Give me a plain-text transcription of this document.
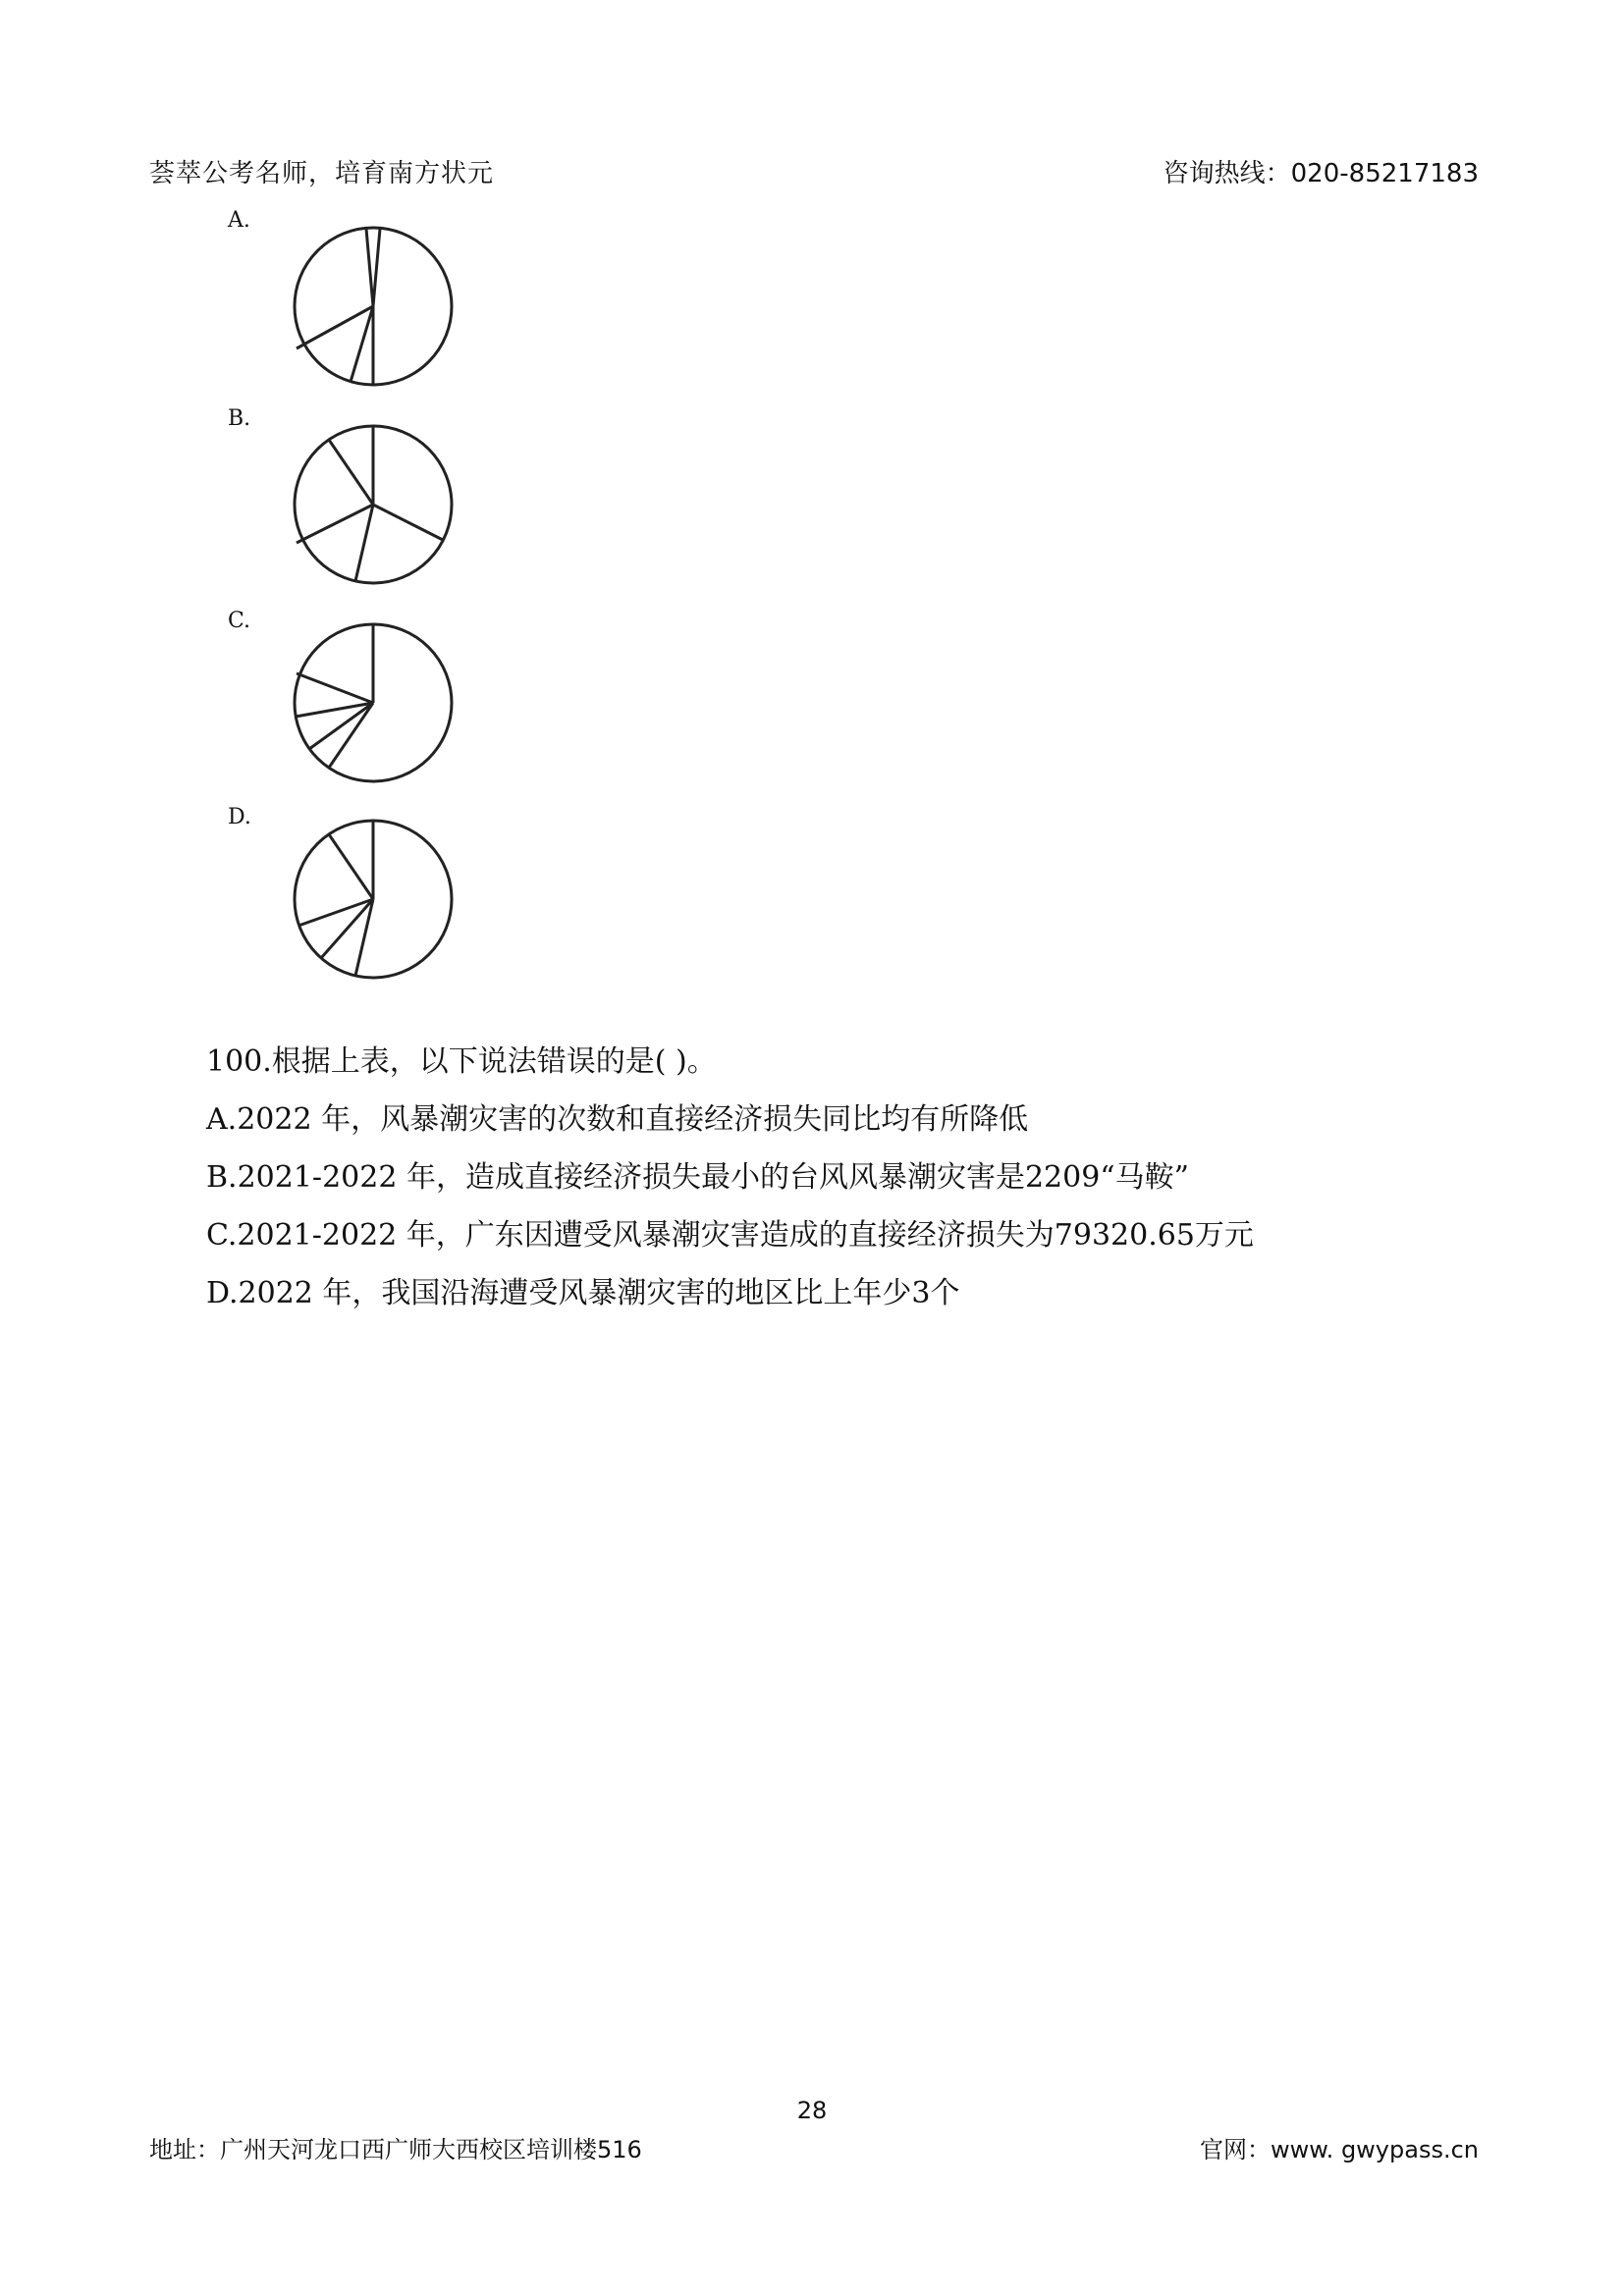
荟萃公考名师，培育南方状元	咨询热线：020-85217183
A.
B.
C.
D.
100.根据上表，以下说法错误的是( )。
A.2022 年，风暴潮灾害的次数和直接经济损失同比均有所降低
B.2021-2022 年，造成直接经济损失最小的台风风暴潮灾害是2209“马鞍”
C.2021-2022 年，广东因遭受风暴潮灾害造成的直接经济损失为79320.65万元
D.2022 年，我国沿海遭受风暴潮灾害的地区比上年少3个
28
地址：广州天河龙口西广师大西校区培训楼516	官网：www. gwypass.cn
